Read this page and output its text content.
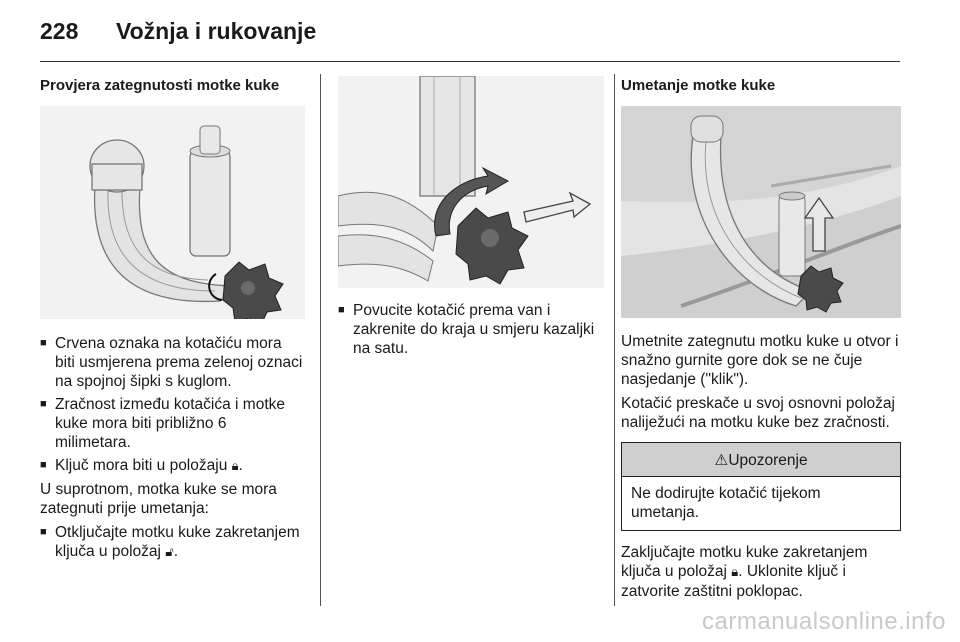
228 Vožnja i rukovanje
Provjera zategnutosti motke kuke
■ Crvena oznaka na kotačiću mora biti usmjerena prema zelenoj oznaci na spojnoj šipki s kuglom.
■ Zračnost između kotačića i motke kuke mora biti približno 6 milimetara.
■ Ključ mora biti u položaju 🔒︎.

U suprotnom, motka kuke se mora zategnuti prije umetanja:

■ Otključajte motku kuke zakretanjem ključa u položaj 🔓︎.
■ Povucite kotačić prema van i zakrenite do kraja u smjeru kazaljki na satu.
Umetanje motke kuke

Umetnite zategnutu motku kuke u otvor i snažno gurnite gore dok se ne čuje nasjedanje ("klik").

Kotačić preskače u svoj osnovni položaj naliježući na motku kuke bez zračnosti.

⚠Upozorenje
Ne dodirujte kotačić tijekom umetanja.

Zaključajte motku kuke zakretanjem ključa u položaj 🔒︎. Uklonite ključ i zatvorite zaštitni poklopac.

carmanualsonline.info
